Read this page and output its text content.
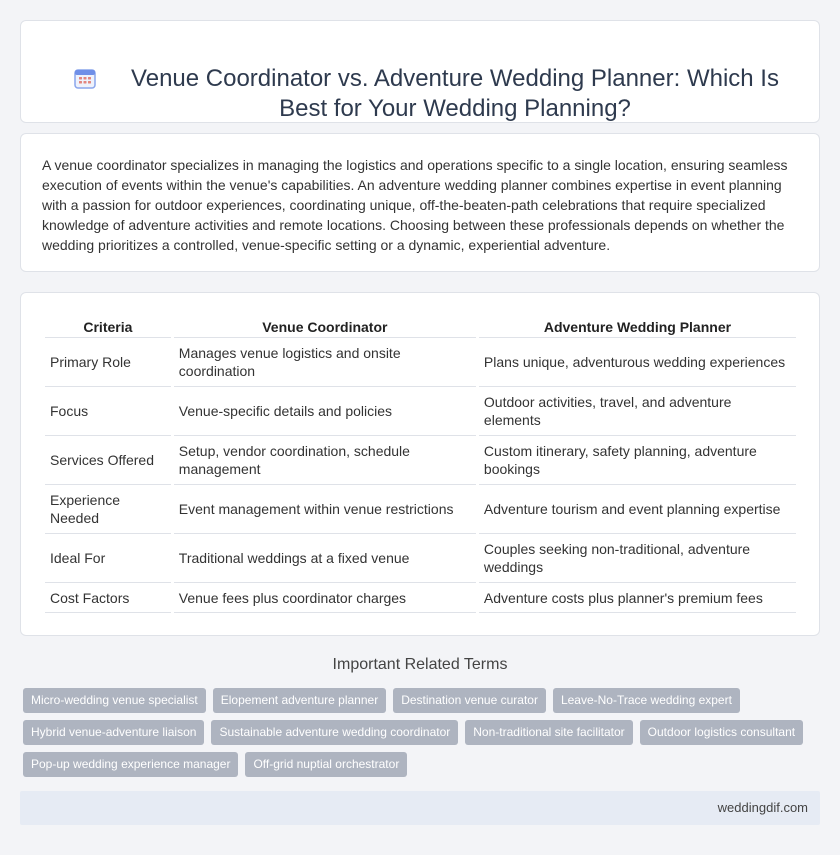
Venue Coordinator vs. Adventure Wedding Planner: Which Is Best for Your Wedding Planning?

A venue coordinator specializes in managing the logistics and operations specific to a single location, ensuring seamless execution of events within the venue's capabilities. An adventure wedding planner combines expertise in event planning with a passion for outdoor experiences, coordinating unique, off-the-beaten-path celebrations that require specialized knowledge of adventure activities and remote locations. Choosing between these professionals depends on whether the wedding prioritizes a controlled, venue-specific setting or a dynamic, experiential adventure.

Criteria	Venue Coordinator	Adventure Wedding Planner
Primary Role	Manages venue logistics and onsite coordination	Plans unique, adventurous wedding experiences
Focus	Venue-specific details and policies	Outdoor activities, travel, and adventure elements
Services Offered	Setup, vendor coordination, schedule management	Custom itinerary, safety planning, adventure bookings
Experience Needed	Event management within venue restrictions	Adventure tourism and event planning expertise
Ideal For	Traditional weddings at a fixed venue	Couples seeking non-traditional, adventure weddings
Cost Factors	Venue fees plus coordinator charges	Adventure costs plus planner's premium fees
Important Related Terms
Micro-wedding venue specialist	Elopement adventure planner	Destination venue curator	Leave-No-Trace wedding expert
Hybrid venue-adventure liaison	Sustainable adventure wedding coordinator	Non-traditional site facilitator	Outdoor logistics consultant
Pop-up wedding experience manager	Off-grid nuptial orchestrator
weddingdif.com
